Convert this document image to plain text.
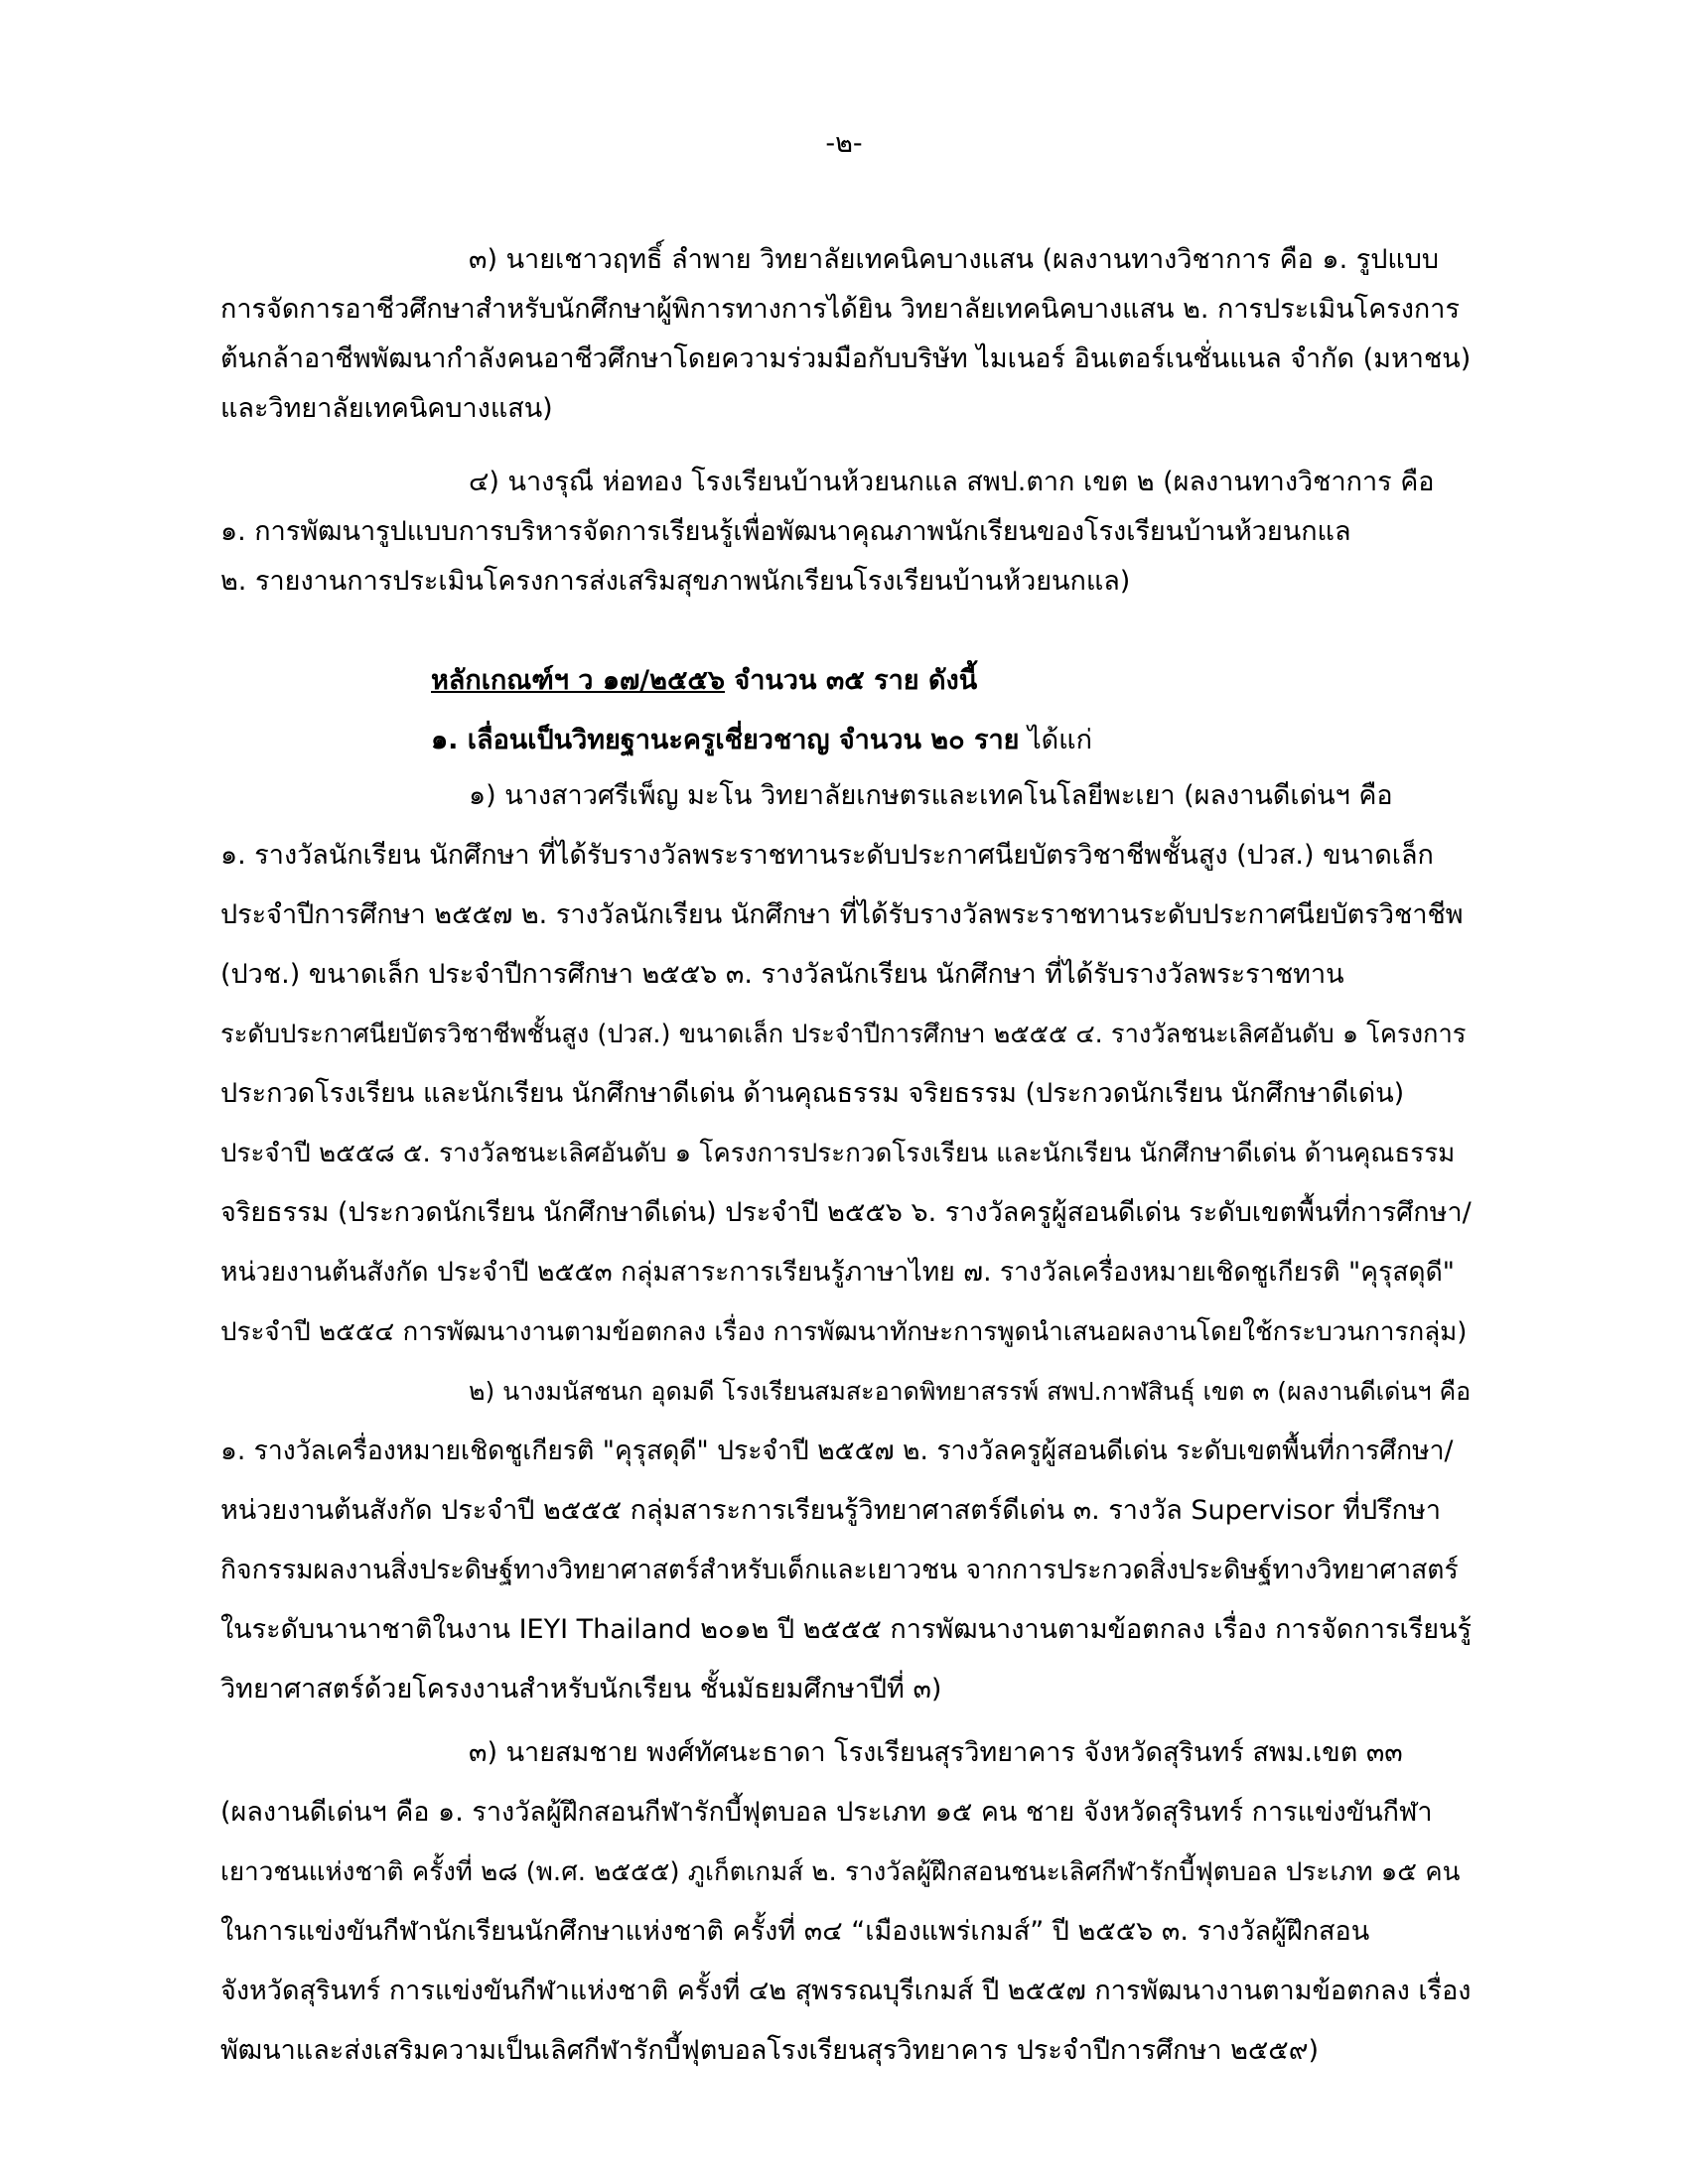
-๒-
๓) นายเชาวฤทธิ์ ลำพาย วิทยาลัยเทคนิคบางแสน (ผลงานทางวิชาการ คือ ๑. รูปแบบ
การจัดการอาชีวศึกษาสำหรับนักศึกษาผู้พิการทางการได้ยิน วิทยาลัยเทคนิคบางแสน ๒. การประเมินโครงการ
ต้นกล้าอาชีพพัฒนากำลังคนอาชีวศึกษาโดยความร่วมมือกับบริษัท ไมเนอร์ อินเตอร์เนชั่นแนล จำกัด (มหาชน)
และวิทยาลัยเทคนิคบางแสน)
๔) นางรุณี ห่อทอง โรงเรียนบ้านห้วยนกแล สพป.ตาก เขต ๒ (ผลงานทางวิชาการ คือ
๑. การพัฒนารูปแบบการบริหารจัดการเรียนรู้เพื่อพัฒนาคุณภาพนักเรียนของโรงเรียนบ้านห้วยนกแล
๒. รายงานการประเมินโครงการส่งเสริมสุขภาพนักเรียนโรงเรียนบ้านห้วยนกแล)
หลักเกณฑ์ฯ ว ๑๗/๒๕๕๖ จำนวน ๓๕ ราย ดังนี้
๑. เลื่อนเป็นวิทยฐานะครูเชี่ยวชาญ จำนวน ๒๐ ราย ได้แก่
๑) นางสาวศรีเพ็ญ มะโน วิทยาลัยเกษตรและเทคโนโลยีพะเยา (ผลงานดีเด่นฯ คือ
๑. รางวัลนักเรียน นักศึกษา ที่ได้รับรางวัลพระราชทานระดับประกาศนียบัตรวิชาชีพชั้นสูง (ปวส.) ขนาดเล็ก
ประจำปีการศึกษา ๒๕๕๗ ๒. รางวัลนักเรียน นักศึกษา ที่ได้รับรางวัลพระราชทานระดับประกาศนียบัตรวิชาชีพ
(ปวช.) ขนาดเล็ก ประจำปีการศึกษา ๒๕๕๖ ๓. รางวัลนักเรียน นักศึกษา ที่ได้รับรางวัลพระราชทาน
ระดับประกาศนียบัตรวิชาชีพชั้นสูง (ปวส.) ขนาดเล็ก ประจำปีการศึกษา ๒๕๕๕ ๔. รางวัลชนะเลิศอันดับ ๑ โครงการ
ประกวดโรงเรียน และนักเรียน นักศึกษาดีเด่น ด้านคุณธรรม จริยธรรม (ประกวดนักเรียน นักศึกษาดีเด่น)
ประจำปี ๒๕๕๘ ๕. รางวัลชนะเลิศอันดับ ๑ โครงการประกวดโรงเรียน และนักเรียน นักศึกษาดีเด่น ด้านคุณธรรม
จริยธรรม (ประกวดนักเรียน นักศึกษาดีเด่น) ประจำปี ๒๕๕๖ ๖. รางวัลครูผู้สอนดีเด่น ระดับเขตพื้นที่การศึกษา/
หน่วยงานต้นสังกัด ประจำปี ๒๕๕๓ กลุ่มสาระการเรียนรู้ภาษาไทย ๗. รางวัลเครื่องหมายเชิดชูเกียรติ "คุรุสดุดี"
ประจำปี ๒๕๕๔ การพัฒนางานตามข้อตกลง เรื่อง การพัฒนาทักษะการพูดนำเสนอผลงานโดยใช้กระบวนการกลุ่ม)
๒) นางมนัสชนก อุดมดี โรงเรียนสมสะอาดพิทยาสรรพ์ สพป.กาฬสินธุ์ เขต ๓ (ผลงานดีเด่นฯ คือ
๑. รางวัลเครื่องหมายเชิดชูเกียรติ "คุรุสดุดี" ประจำปี ๒๕๕๗ ๒. รางวัลครูผู้สอนดีเด่น ระดับเขตพื้นที่การศึกษา/
หน่วยงานต้นสังกัด ประจำปี ๒๕๕๕ กลุ่มสาระการเรียนรู้วิทยาศาสตร์ดีเด่น ๓. รางวัล Supervisor ที่ปรึกษา
กิจกรรมผลงานสิ่งประดิษฐ์ทางวิทยาศาสตร์สำหรับเด็กและเยาวชน จากการประกวดสิ่งประดิษฐ์ทางวิทยาศาสตร์
ในระดับนานาชาติในงาน IEYI Thailand ๒๐๑๒ ปี ๒๕๕๕ การพัฒนางานตามข้อตกลง เรื่อง การจัดการเรียนรู้
วิทยาศาสตร์ด้วยโครงงานสำหรับนักเรียน ชั้นมัธยมศึกษาปีที่ ๓)
๓) นายสมชาย พงศ์ทัศนะธาดา โรงเรียนสุรวิทยาคาร จังหวัดสุรินทร์ สพม.เขต ๓๓
(ผลงานดีเด่นฯ คือ ๑. รางวัลผู้ฝึกสอนกีฬารักบี้ฟุตบอล ประเภท ๑๕ คน ชาย จังหวัดสุรินทร์ การแข่งขันกีฬา
เยาวชนแห่งชาติ ครั้งที่ ๒๘ (พ.ศ. ๒๕๕๕) ภูเก็ตเกมส์ ๒. รางวัลผู้ฝึกสอนชนะเลิศกีฬารักบี้ฟุตบอล ประเภท ๑๕ คน
ในการแข่งขันกีฬานักเรียนนักศึกษาแห่งชาติ ครั้งที่ ๓๔ “เมืองแพร่เกมส์” ปี ๒๕๕๖ ๓. รางวัลผู้ฝึกสอน
จังหวัดสุรินทร์ การแข่งขันกีฬาแห่งชาติ ครั้งที่ ๔๒ สุพรรณบุรีเกมส์ ปี ๒๕๕๗ การพัฒนางานตามข้อตกลง เรื่อง
พัฒนาและส่งเสริมความเป็นเลิศกีฬารักบี้ฟุตบอลโรงเรียนสุรวิทยาคาร ประจำปีการศึกษา ๒๕๕๙)
